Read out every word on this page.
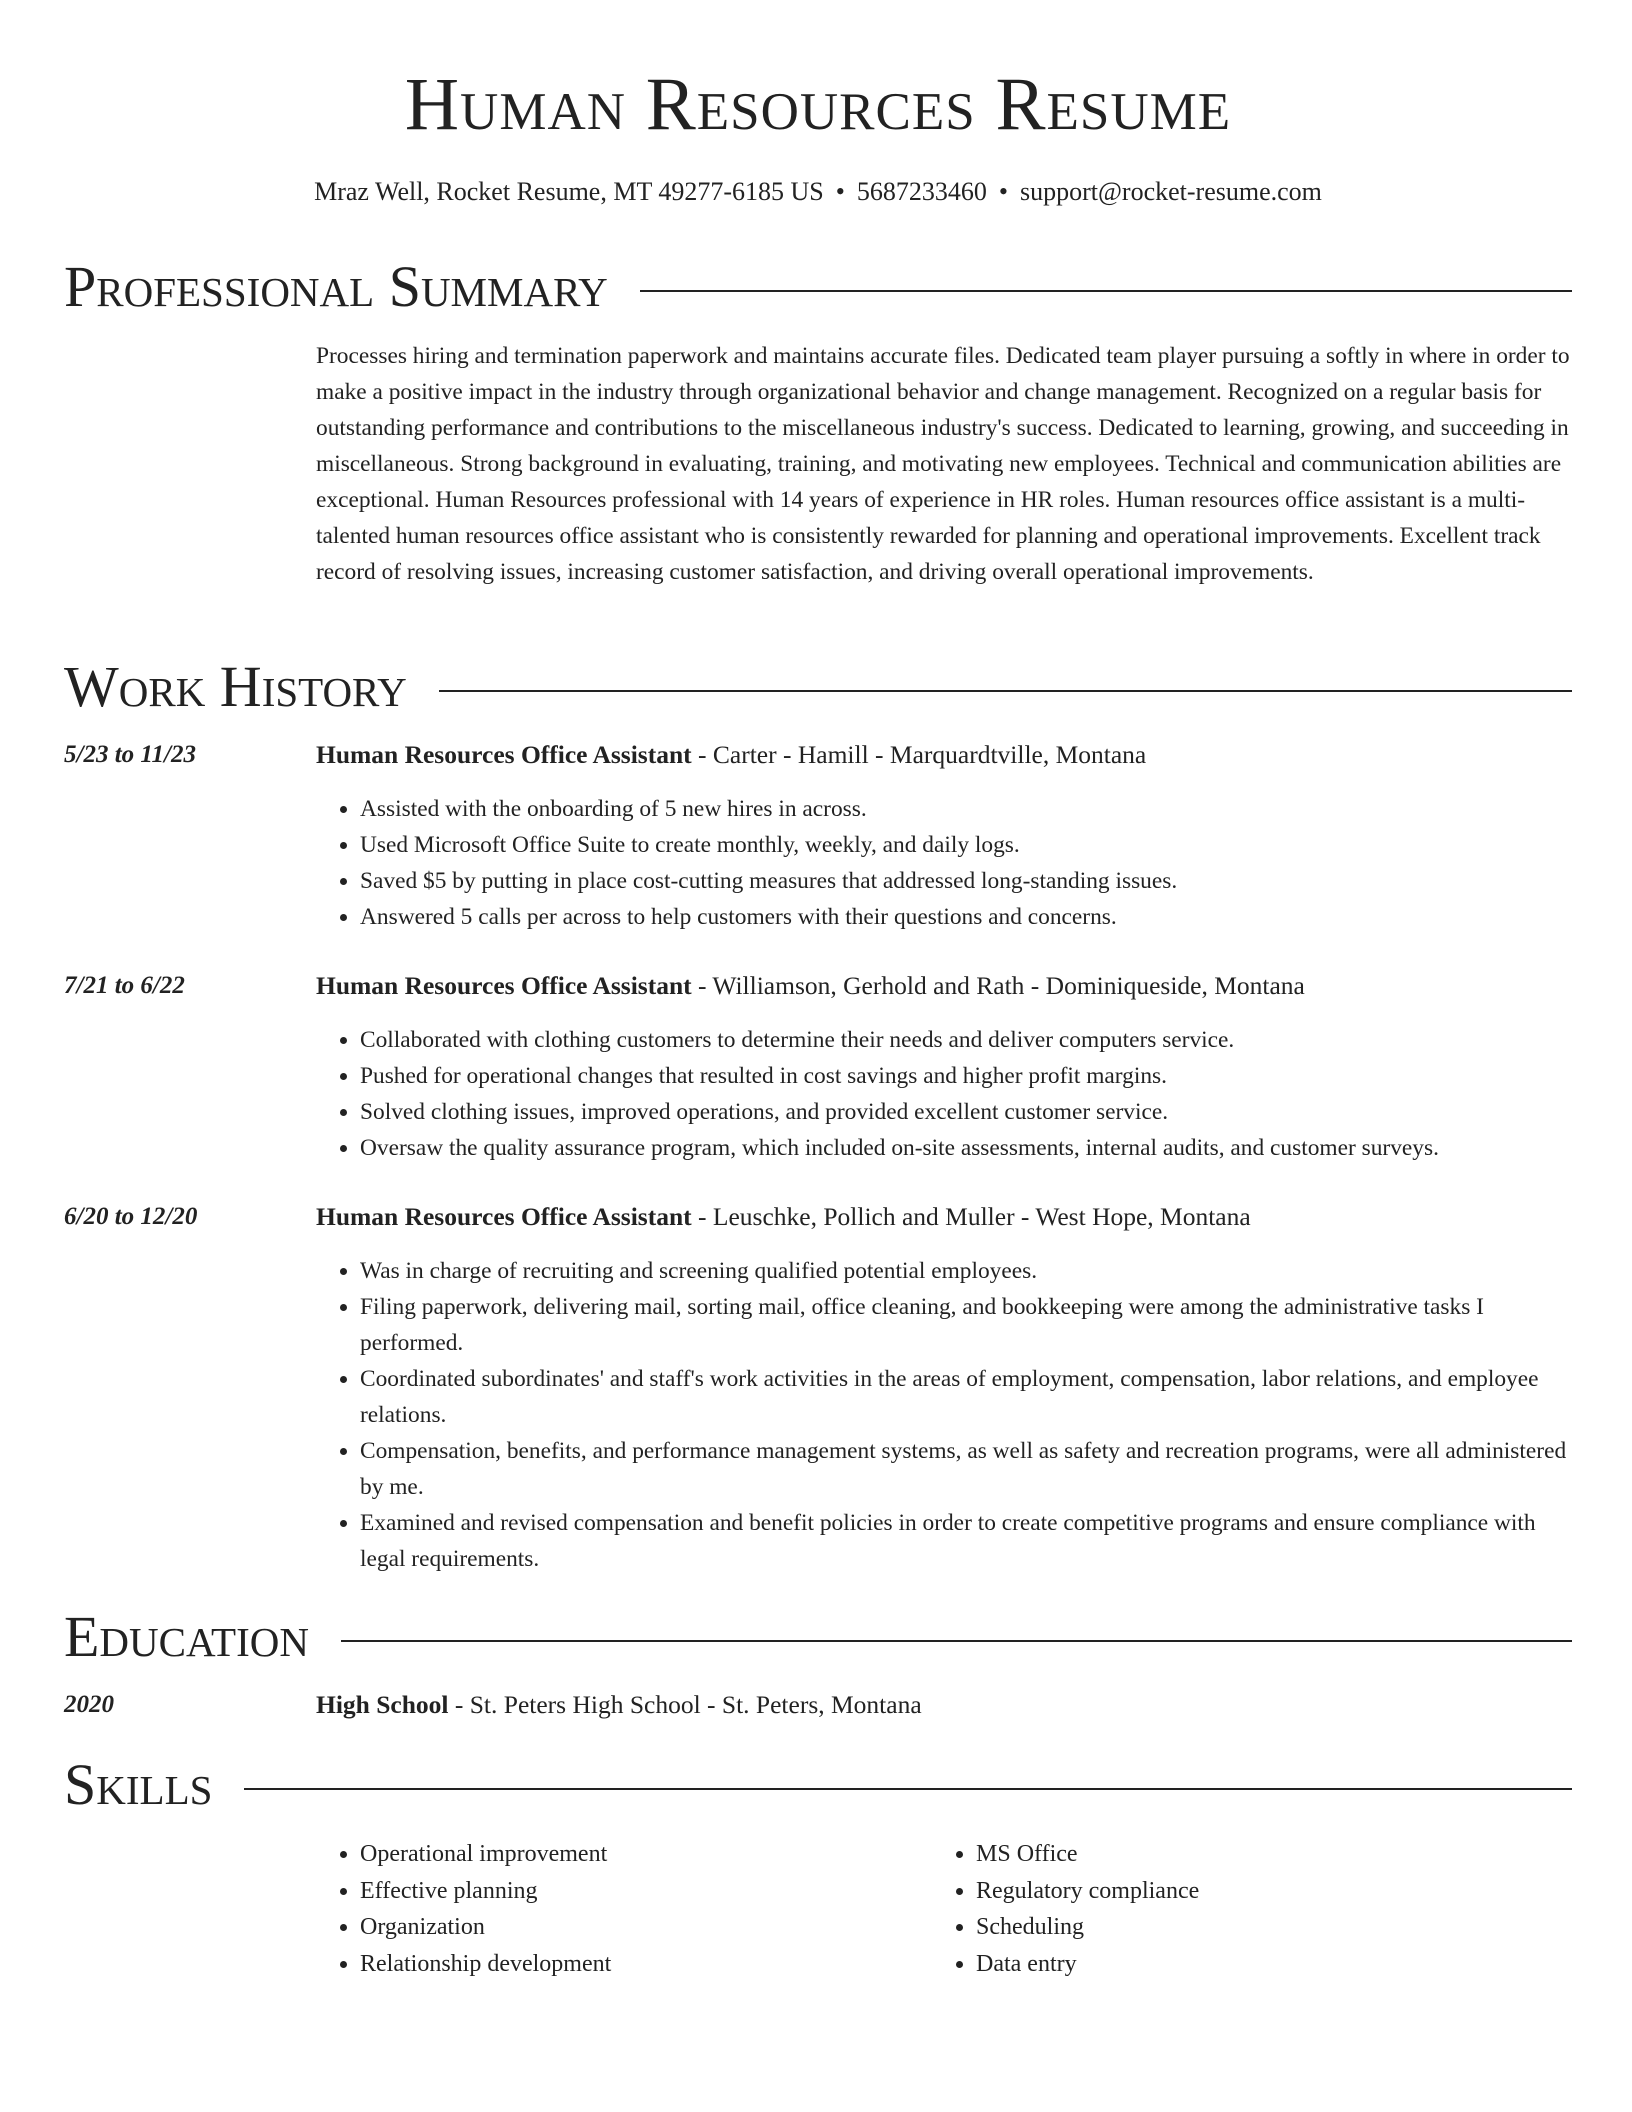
Human Resources Resume
Mraz Well, Rocket Resume, MT 49277-6185 US • 5687233460 • support@rocket-resume.com
Professional Summary

Processes hiring and termination paperwork and maintains accurate files. Dedicated team player pursuing a softly in where in order to make a positive impact in the industry through organizational behavior and change management. Recognized on a regular basis for outstanding performance and contributions to the miscellaneous industry's success. Dedicated to learning, growing, and succeeding in miscellaneous. Strong background in evaluating, training, and motivating new employees. Technical and communication abilities are exceptional. Human Resources professional with 14 years of experience in HR roles. Human resources office assistant is a multi-talented human resources office assistant who is consistently rewarded for planning and operational improvements. Excellent track record of resolving issues, increasing customer satisfaction, and driving overall operational improvements.

Work History
5/23 to 11/23	Human Resources Office Assistant - Carter - Hamill - Marquardtville, Montana
• Assisted with the onboarding of 5 new hires in across.
• Used Microsoft Office Suite to create monthly, weekly, and daily logs.
• Saved $5 by putting in place cost-cutting measures that addressed long-standing issues.
• Answered 5 calls per across to help customers with their questions and concerns.
7/21 to 6/22	Human Resources Office Assistant - Williamson, Gerhold and Rath - Dominiqueside, Montana
• Collaborated with clothing customers to determine their needs and deliver computers service.
• Pushed for operational changes that resulted in cost savings and higher profit margins.
• Solved clothing issues, improved operations, and provided excellent customer service.
• Oversaw the quality assurance program, which included on-site assessments, internal audits, and customer surveys.
6/20 to 12/20	Human Resources Office Assistant - Leuschke, Pollich and Muller - West Hope, Montana
• Was in charge of recruiting and screening qualified potential employees.
• Filing paperwork, delivering mail, sorting mail, office cleaning, and bookkeeping were among the administrative tasks I performed.
• Coordinated subordinates' and staff's work activities in the areas of employment, compensation, labor relations, and employee relations.
• Compensation, benefits, and performance management systems, as well as safety and recreation programs, were all administered by me.
• Examined and revised compensation and benefit policies in order to create competitive programs and ensure compliance with legal requirements.
Education
2020	High School - St. Peters High School - St. Peters, Montana
Skills
• Operational improvement
• Effective planning
• Organization
• Relationship development
• MS Office
• Regulatory compliance
• Scheduling
• Data entry
